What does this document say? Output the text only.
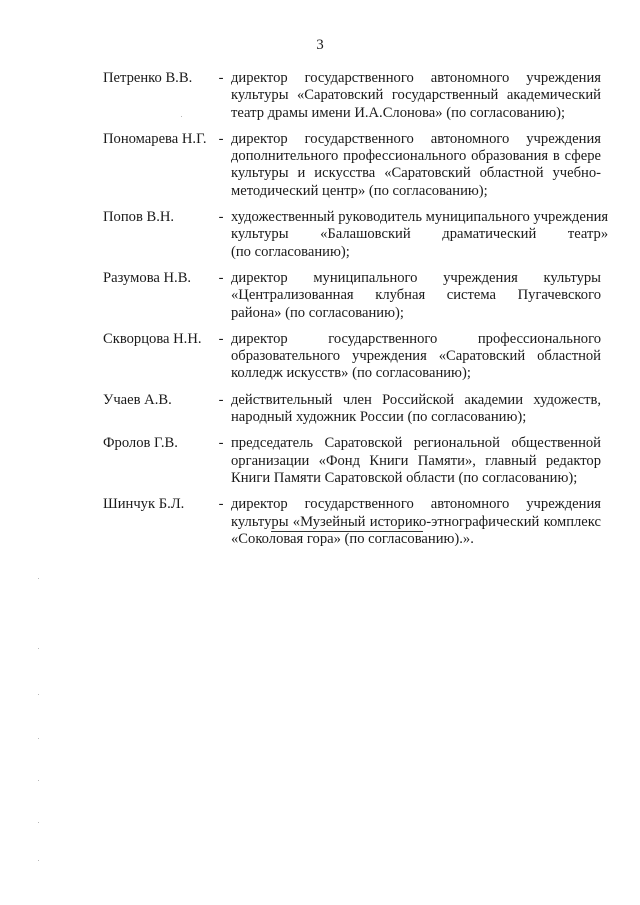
3
Петренко В.В.	- директор государственного автономного учреждения
культуры «Саратовский государственный академический
театр драмы имени И.А.Слонова» (по согласованию);
Пономарева Н.Г. - директор государственного автономного учреждения
дополнительного профессионального образования в сфере
культуры и искусства «Саратовский областной учебно-
методический центр» (по согласованию);
Попов В.Н.	- художественный руководитель муниципального учреждения
культуры «Балашовский драматический театр»
(по согласованию);
Разумова Н.В.	- директор муниципального учреждения культуры
«Централизованная клубная система Пугачевского
района» (по согласованию);
Скворцова Н.Н.	- директор государственного профессионального
образовательного учреждения «Саратовский областной
колледж искусств» (по согласованию);
Учаев А.В.	- действительный член Российской академии художеств,
народный художник России (по согласованию);
Фролов Г.В.	- председатель Саратовской региональной общественной
организации «Фонд Книги Памяти», главный редактор
Книги Памяти Саратовской области (по согласованию);
Шинчук Б.Л.	- директор государственного автономного учреждения
культуры «Музейный историко-этнографический комплекс
«Соколовая гора» (по согласованию).».
